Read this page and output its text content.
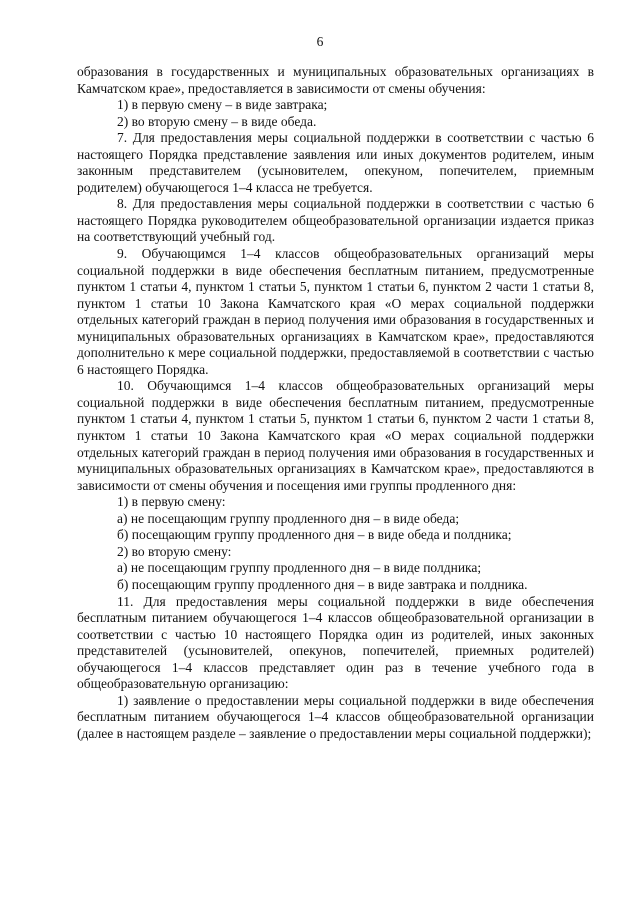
6

образования в государственных и муниципальных образовательных организациях в Камчатском крае», предоставляется в зависимости от смены обучения:

1) в первую смену – в виде завтрака;

2) во вторую смену – в виде обеда.

7. Для предоставления меры социальной поддержки в соответствии с частью 6 настоящего Порядка представление заявления или иных документов родителем, иным законным представителем (усыновителем, опекуном, попечителем, приемным родителем) обучающегося 1–4 класса не требуется.

8. Для предоставления меры социальной поддержки в соответствии с частью 6 настоящего Порядка руководителем общеобразовательной организации издается приказ на соответствующий учебный год.

9. Обучающимся 1–4 классов общеобразовательных организаций меры социальной поддержки в виде обеспечения бесплатным питанием, предусмотренные пунктом 1 статьи 4, пунктом 1 статьи 5, пунктом 1 статьи 6, пунктом 2 части 1 статьи 8, пунктом 1 статьи 10 Закона Камчатского края «О мерах социальной поддержки отдельных категорий граждан в период получения ими образования в государственных и муниципальных образовательных организациях в Камчатском крае», предоставляются дополнительно к мере социальной поддержки, предоставляемой в соответствии с частью 6 настоящего Порядка.

10. Обучающимся 1–4 классов общеобразовательных организаций меры социальной поддержки в виде обеспечения бесплатным питанием, предусмотренные пунктом 1 статьи 4, пунктом 1 статьи 5, пунктом 1 статьи 6, пунктом 2 части 1 статьи 8, пунктом 1 статьи 10 Закона Камчатского края «О мерах социальной поддержки отдельных категорий граждан в период получения ими образования в государственных и муниципальных образовательных организациях в Камчатском крае», предоставляются в зависимости от смены обучения и посещения ими группы продленного дня:

1) в первую смену:

а) не посещающим группу продленного дня – в виде обеда;

б) посещающим группу продленного дня – в виде обеда и полдника;

2) во вторую смену:

а) не посещающим группу продленного дня – в виде полдника;

б) посещающим группу продленного дня – в виде завтрака и полдника.

11. Для предоставления меры социальной поддержки в виде обеспечения бесплатным питанием обучающегося 1–4 классов общеобразовательной организации в соответствии с частью 10 настоящего Порядка один из родителей, иных законных представителей (усыновителей, опекунов, попечителей, приемных родителей) обучающегося 1–4 классов представляет один раз в течение учебного года в общеобразовательную организацию:

1) заявление о предоставлении меры социальной поддержки в виде обеспечения бесплатным питанием обучающегося 1–4 классов общеобразовательной организации (далее в настоящем разделе – заявление о предоставлении меры социальной поддержки);
